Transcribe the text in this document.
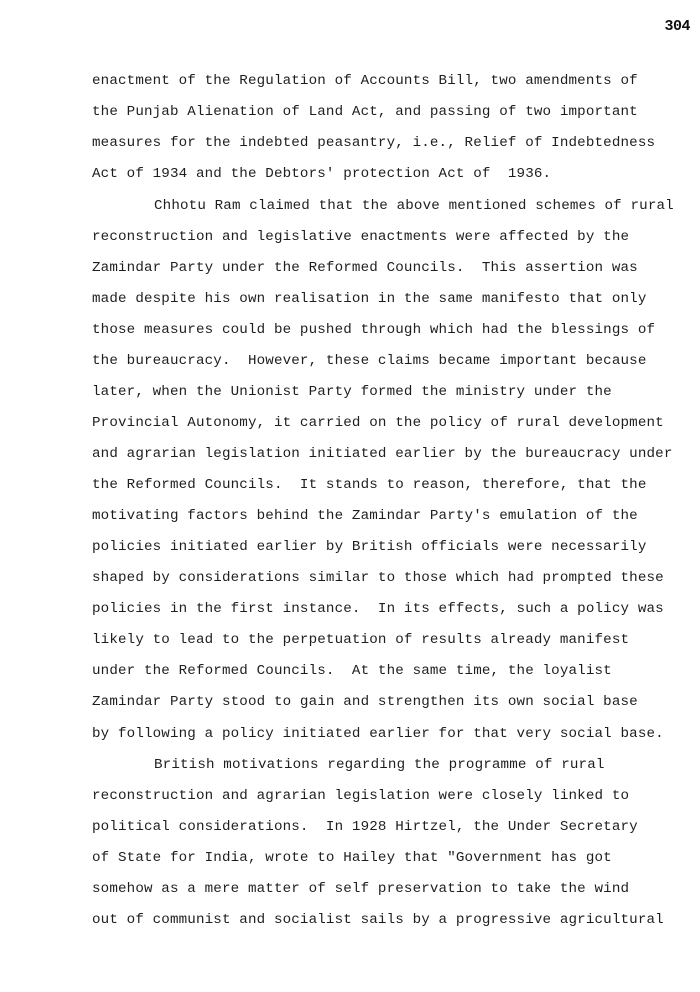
304
enactment of the Regulation of Accounts Bill, two amendments of
the Punjab Alienation of Land Act, and passing of two important
measures for the indebted peasantry, i.e., Relief of Indebtedness
Act of 1934 and the Debtors' protection Act of  1936.
Chhotu Ram claimed that the above mentioned schemes of rural
reconstruction and legislative enactments were affected by the
Zamindar Party under the Reformed Councils.  This assertion was
made despite his own realisation in the same manifesto that only
those measures could be pushed through which had the blessings of
the bureaucracy.  However, these claims became important because
later, when the Unionist Party formed the ministry under the
Provincial Autonomy, it carried on the policy of rural development
and agrarian legislation initiated earlier by the bureaucracy under
the Reformed Councils.  It stands to reason, therefore, that the
motivating factors behind the Zamindar Party's emulation of the
policies initiated earlier by British officials were necessarily
shaped by considerations similar to those which had prompted these
policies in the first instance.  In its effects, such a policy was
likely to lead to the perpetuation of results already manifest
under the Reformed Councils.  At the same time, the loyalist
Zamindar Party stood to gain and strengthen its own social base
by following a policy initiated earlier for that very social base.
British motivations regarding the programme of rural
reconstruction and agrarian legislation were closely linked to
political considerations.  In 1928 Hirtzel, the Under Secretary
of State for India, wrote to Hailey that "Government has got
somehow as a mere matter of self preservation to take the wind
out of communist and socialist sails by a progressive agricultural
